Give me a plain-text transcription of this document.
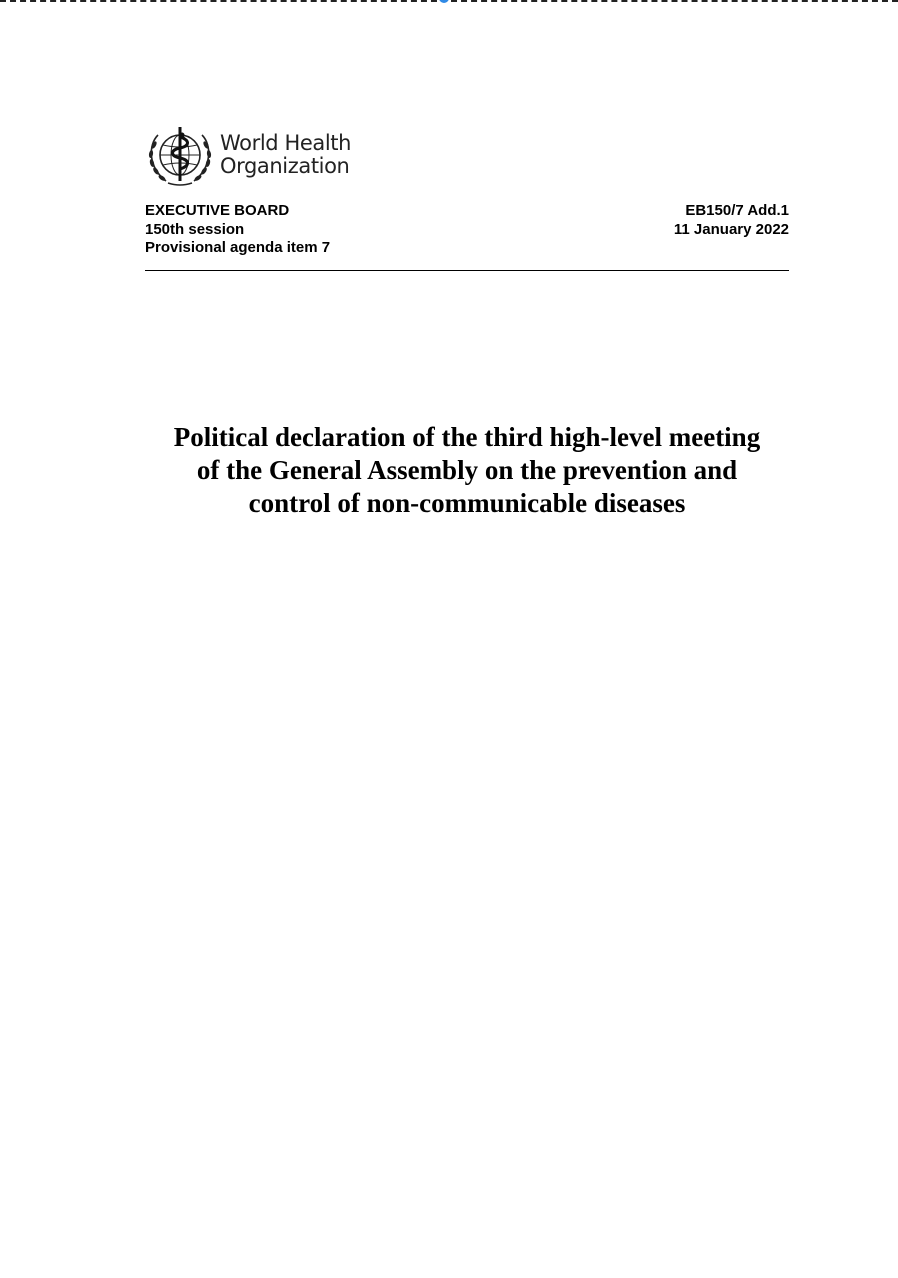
World Health
Organization
EXECUTIVE BOARD
150th session
Provisional agenda item 7
EB150/7 Add.1
11 January 2022
Political declaration of the third high-level meeting
of the General Assembly on the prevention and
control of non-communicable diseases
